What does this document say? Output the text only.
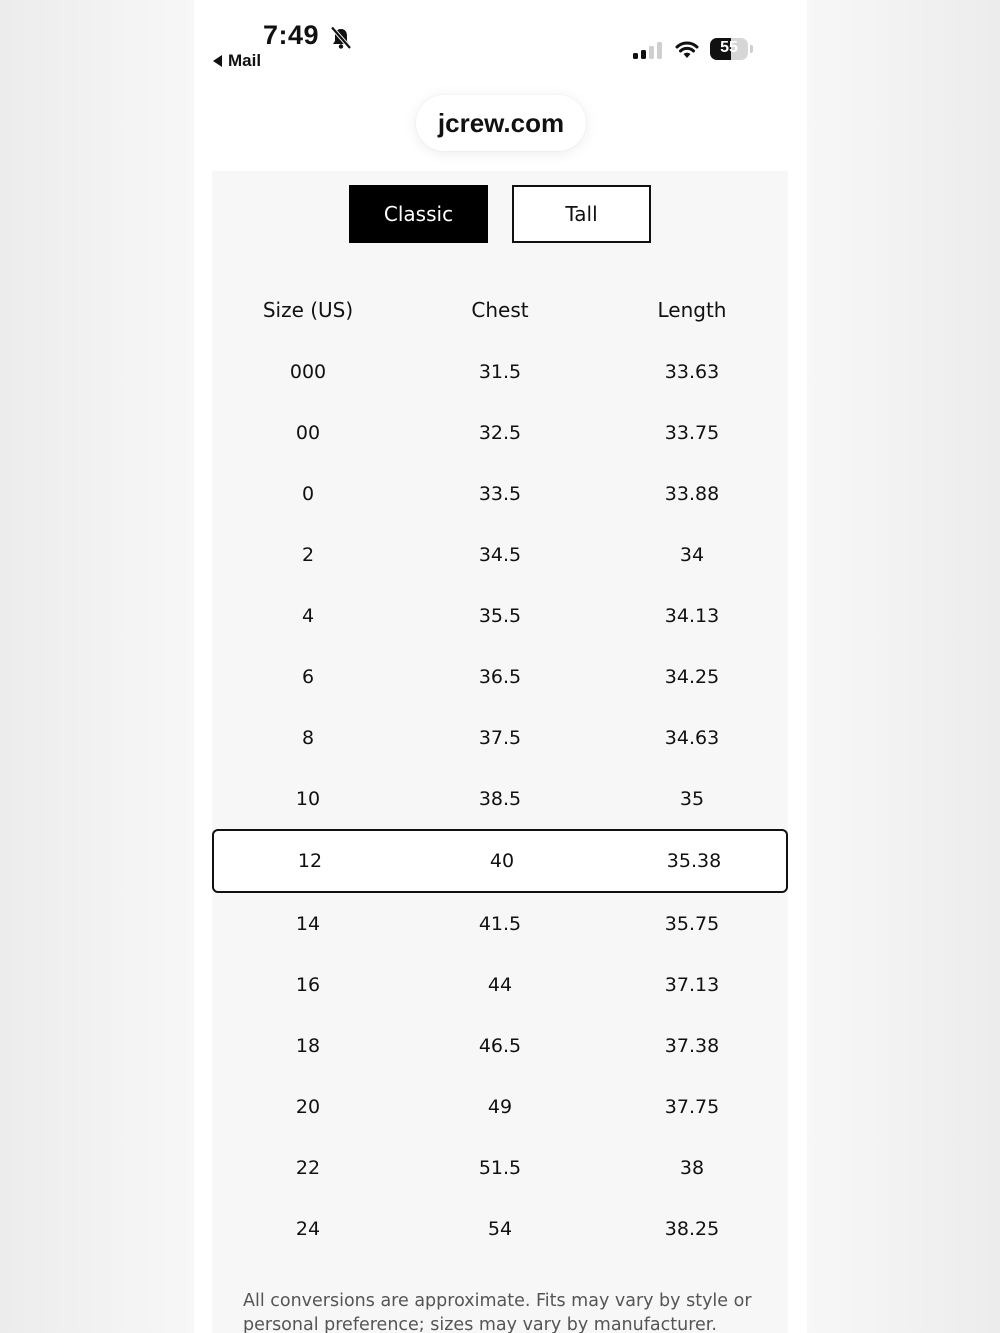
7:49
Mail
55
jcrew.com
Classic	Tall
Size (US)	Chest	Length
000	31.5	33.63
00	32.5	33.75
0	33.5	33.88
2	34.5	34
4	35.5	34.13
6	36.5	34.25
8	37.5	34.63
10	38.5	35
12	40	35.38
14	41.5	35.75
16	44	37.13
18	46.5	37.38
20	49	37.75
22	51.5	38
24	54	38.25
All conversions are approximate. Fits may vary by style or personal preference; sizes may vary by manufacturer.
